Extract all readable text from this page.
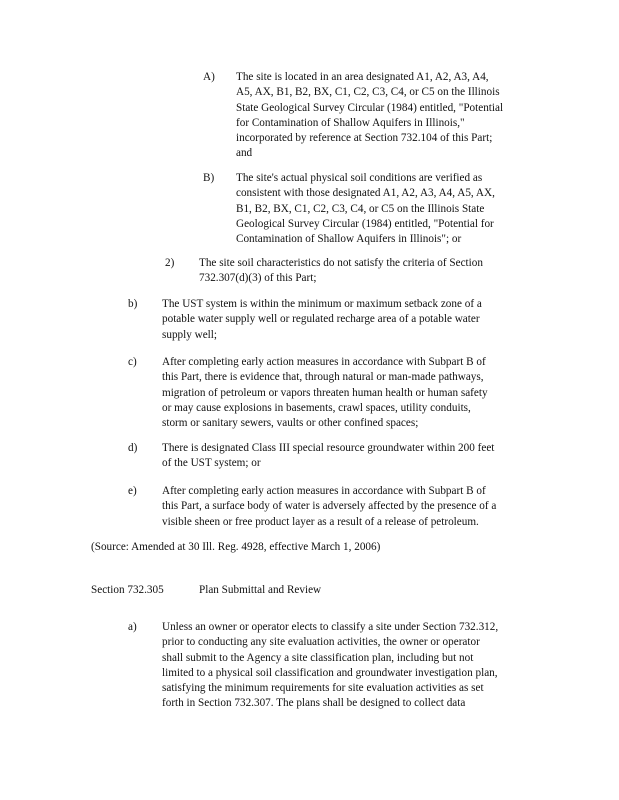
A) The site is located in an area designated A1, A2, A3, A4,
A5, AX, B1, B2, BX, C1, C2, C3, C4, or C5 on the Illinois
State Geological Survey Circular (1984) entitled, "Potential
for Contamination of Shallow Aquifers in Illinois,"
incorporated by reference at Section 732.104 of this Part;
and
B) The site's actual physical soil conditions are verified as
consistent with those designated A1, A2, A3, A4, A5, AX,
B1, B2, BX, C1, C2, C3, C4, or C5 on the Illinois State
Geological Survey Circular (1984) entitled, "Potential for
Contamination of Shallow Aquifers in Illinois"; or
2) The site soil characteristics do not satisfy the criteria of Section
732.307(d)(3) of this Part;
b) The UST system is within the minimum or maximum setback zone of a
potable water supply well or regulated recharge area of a potable water
supply well;
c) After completing early action measures in accordance with Subpart B of
this Part, there is evidence that, through natural or man-made pathways,
migration of petroleum or vapors threaten human health or human safety
or may cause explosions in basements, crawl spaces, utility conduits,
storm or sanitary sewers, vaults or other confined spaces;
d) There is designated Class III special resource groundwater within 200 feet
of the UST system; or
e) After completing early action measures in accordance with Subpart B of
this Part, a surface body of water is adversely affected by the presence of a
visible sheen or free product layer as a result of a release of petroleum.
(Source: Amended at 30 Ill. Reg. 4928, effective March 1, 2006)
Section 732.305	Plan Submittal and Review
a) Unless an owner or operator elects to classify a site under Section 732.312,
prior to conducting any site evaluation activities, the owner or operator
shall submit to the Agency a site classification plan, including but not
limited to a physical soil classification and groundwater investigation plan,
satisfying the minimum requirements for site evaluation activities as set
forth in Section 732.307. The plans shall be designed to collect data
